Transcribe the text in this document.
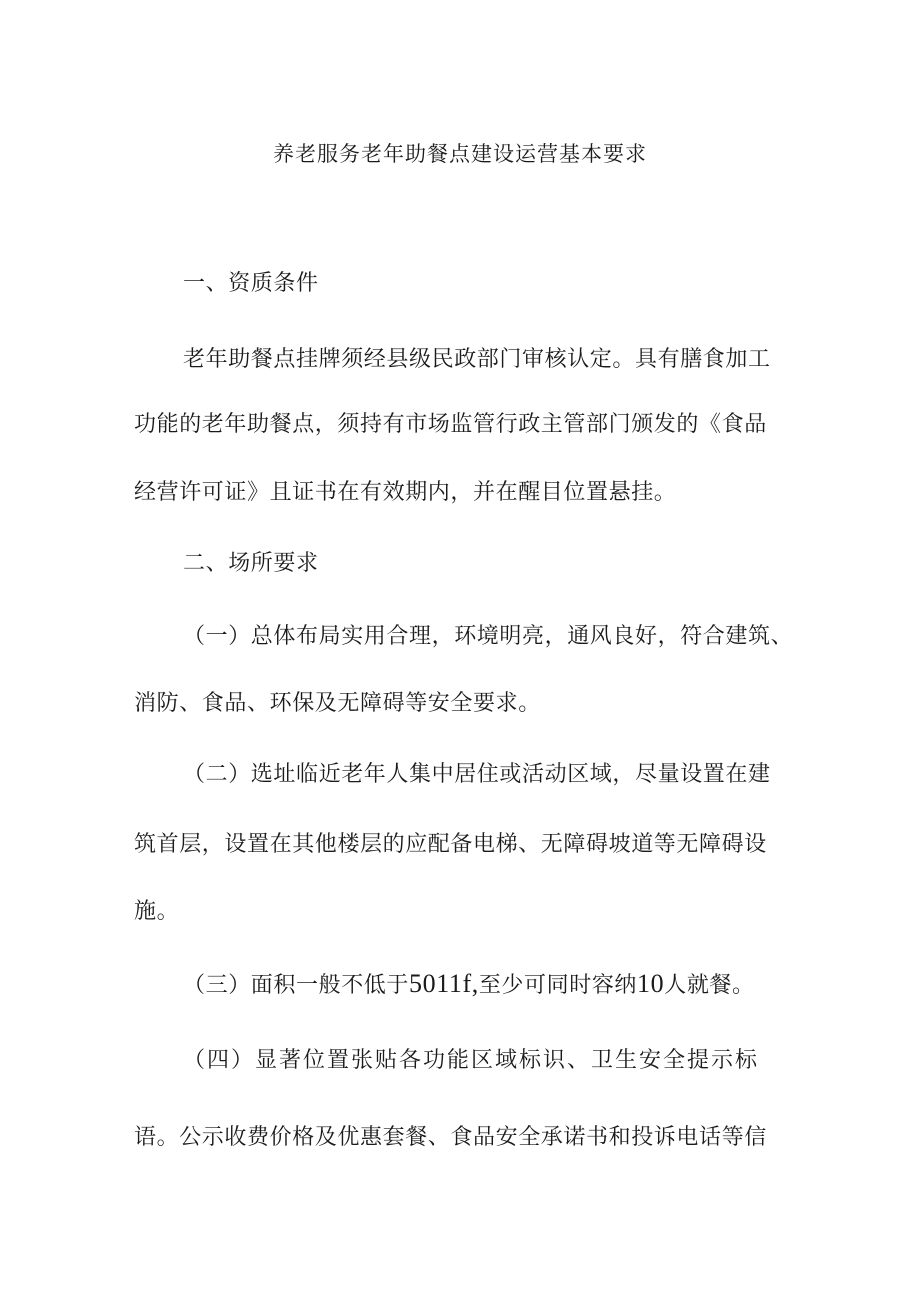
养老服务老年助餐点建设运营基本要求
一、资质条件
老年助餐点挂牌须经县级民政部门审核认定。具有膳食加工
功能的老年助餐点，须持有市场监管行政主管部门颁发的《食品
经营许可证》且证书在有效期内，并在醒目位置悬挂。
二、场所要求
（一）总体布局实用合理，环境明亮，通风良好，符合建筑、
消防、食品、环保及无障碍等安全要求。
（二）选址临近老年人集中居住或活动区域，尽量设置在建
筑首层，设置在其他楼层的应配备电梯、无障碍坡道等无障碍设
施。
（三）面积一般不低于5011f,至少可同时容纳10人就餐。
（四）显著位置张贴各功能区域标识、卫生安全提示标
语。公示收费价格及优惠套餐、食品安全承诺书和投诉电话等信
